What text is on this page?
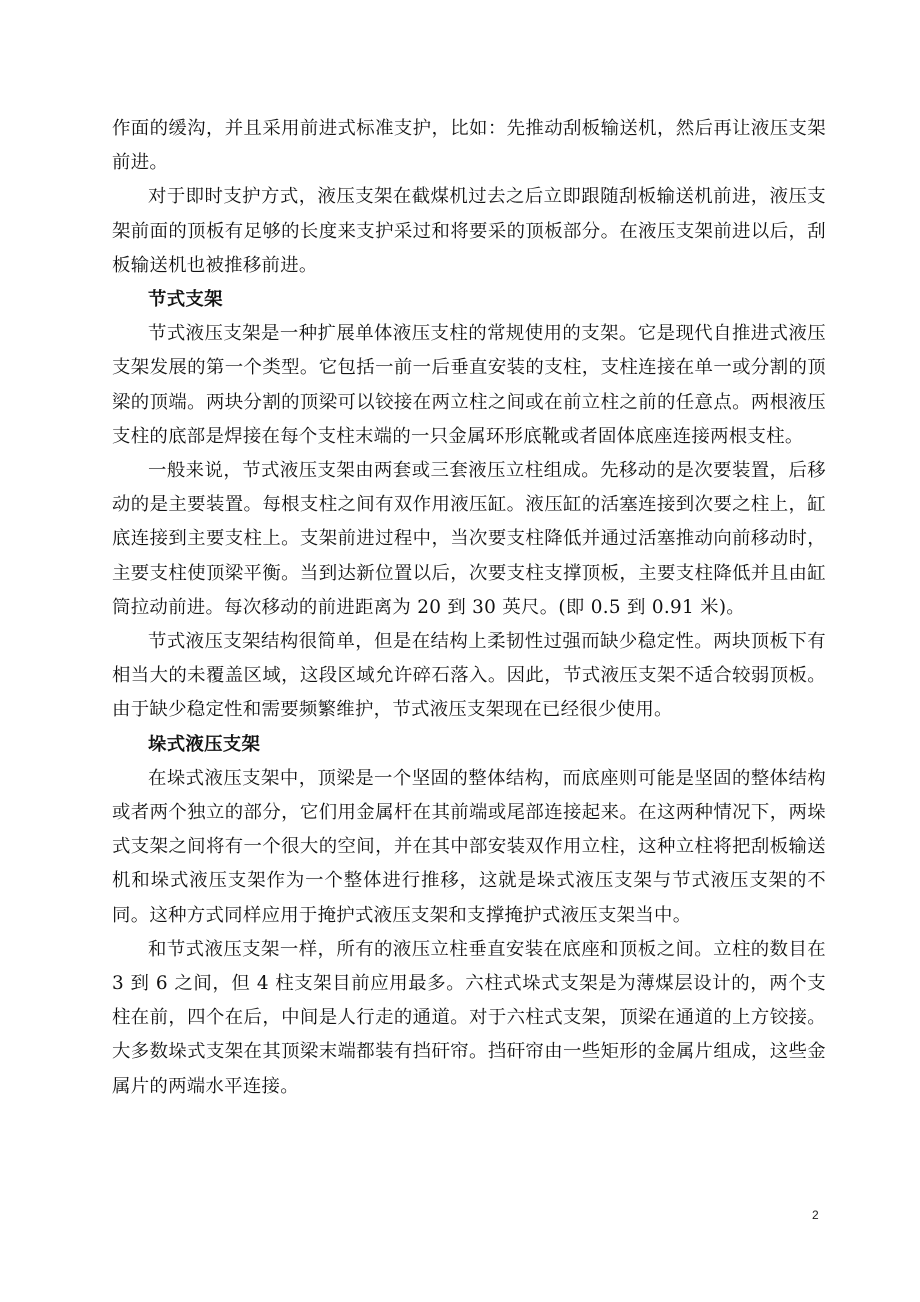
作面的缓沟，并且采用前进式标准支护，比如：先推动刮板输送机，然后再让液压支架前进。

对于即时支护方式，液压支架在截煤机过去之后立即跟随刮板输送机前进，液压支架前面的顶板有足够的长度来支护采过和将要采的顶板部分。在液压支架前进以后，刮板输送机也被推移前进。

节式支架

节式液压支架是一种扩展单体液压支柱的常规使用的支架。它是现代自推进式液压支架发展的第一个类型。它包括一前一后垂直安装的支柱，支柱连接在单一或分割的顶梁的顶端。两块分割的顶梁可以铰接在两立柱之间或在前立柱之前的任意点。两根液压支柱的底部是焊接在每个支柱末端的一只金属环形底靴或者固体底座连接两根支柱。

一般来说，节式液压支架由两套或三套液压立柱组成。先移动的是次要装置，后移动的是主要装置。每根支柱之间有双作用液压缸。液压缸的活塞连接到次要之柱上，缸底连接到主要支柱上。支架前进过程中，当次要支柱降低并通过活塞推动向前移动时，主要支柱使顶梁平衡。当到达新位置以后，次要支柱支撑顶板，主要支柱降低并且由缸筒拉动前进。每次移动的前进距离为 20 到 30 英尺。(即 0.5 到 0.91 米)。

节式液压支架结构很简单，但是在结构上柔韧性过强而缺少稳定性。两块顶板下有相当大的未覆盖区域，这段区域允许碎石落入。因此，节式液压支架不适合较弱顶板。由于缺少稳定性和需要频繁维护，节式液压支架现在已经很少使用。

垛式液压支架

在垛式液压支架中，顶梁是一个坚固的整体结构，而底座则可能是坚固的整体结构或者两个独立的部分，它们用金属杆在其前端或尾部连接起来。在这两种情况下，两垛式支架之间将有一个很大的空间，并在其中部安装双作用立柱，这种立柱将把刮板输送机和垛式液压支架作为一个整体进行推移，这就是垛式液压支架与节式液压支架的不同。这种方式同样应用于掩护式液压支架和支撑掩护式液压支架当中。

和节式液压支架一样，所有的液压立柱垂直安装在底座和顶板之间。立柱的数目在 3 到 6 之间，但 4 柱支架目前应用最多。六柱式垛式支架是为薄煤层设计的，两个支柱在前，四个在后，中间是人行走的通道。对于六柱式支架，顶梁在通道的上方铰接。大多数垛式支架在其顶梁末端都装有挡矸帘。挡矸帘由一些矩形的金属片组成，这些金属片的两端水平连接。

2
